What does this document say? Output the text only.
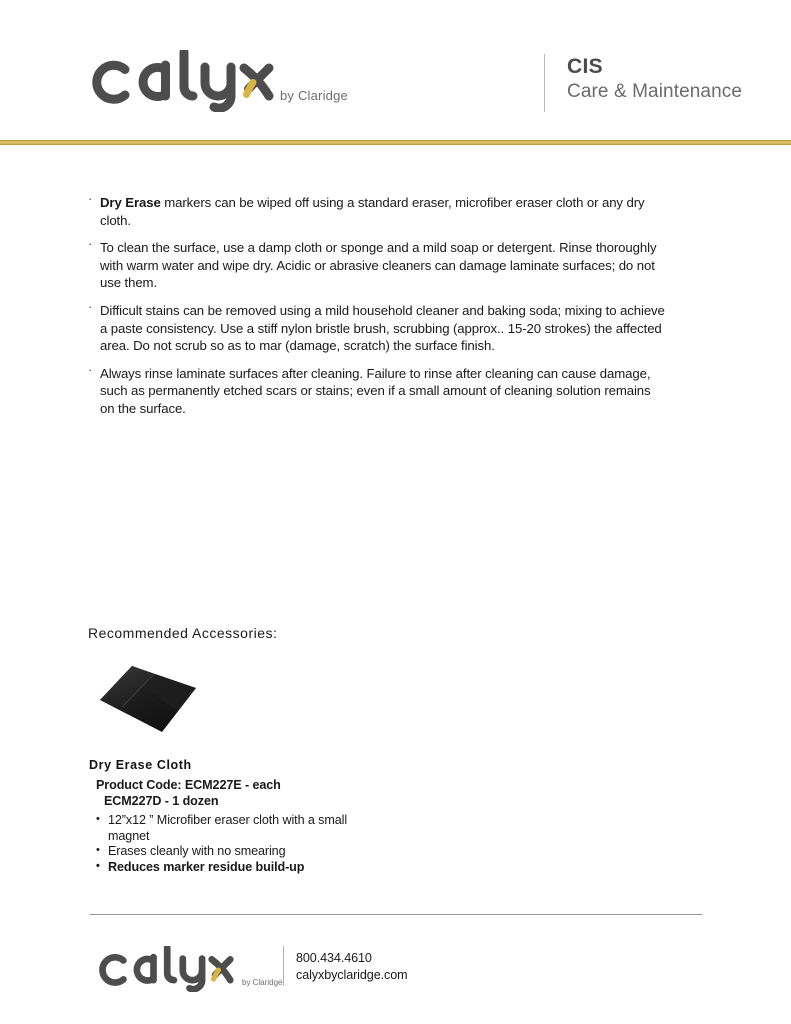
by Claridge
CIS
Care & Maintenance
· Dry Erase markers can be wiped off using a standard eraser, microfiber eraser cloth or any dry cloth.
· To clean the surface, use a damp cloth or sponge and a mild soap or detergent. Rinse thoroughly with warm water and wipe dry. Acidic or abrasive cleaners can damage laminate surfaces; do not use them.
· Difficult stains can be removed using a mild household cleaner and baking soda; mixing to achieve a paste consistency. Use a stiff nylon bristle brush, scrubbing (approx.. 15-20 strokes) the affected area. Do not scrub so as to mar (damage, scratch) the surface finish.
· Always rinse laminate surfaces after cleaning. Failure to rinse after cleaning can cause damage, such as permanently etched scars or stains; even if a small amount of cleaning solution remains on the surface.
Recommended Accessories:
Dry Erase Cloth
Product Code: ECM227E - each
ECM227D - 1 dozen
• 12”x12 ” Microfiber eraser cloth with a small magnet
• Erases cleanly with no smearing
• Reduces marker residue build-up
by Claridge
800.434.4610
calyxbyclaridge.com
